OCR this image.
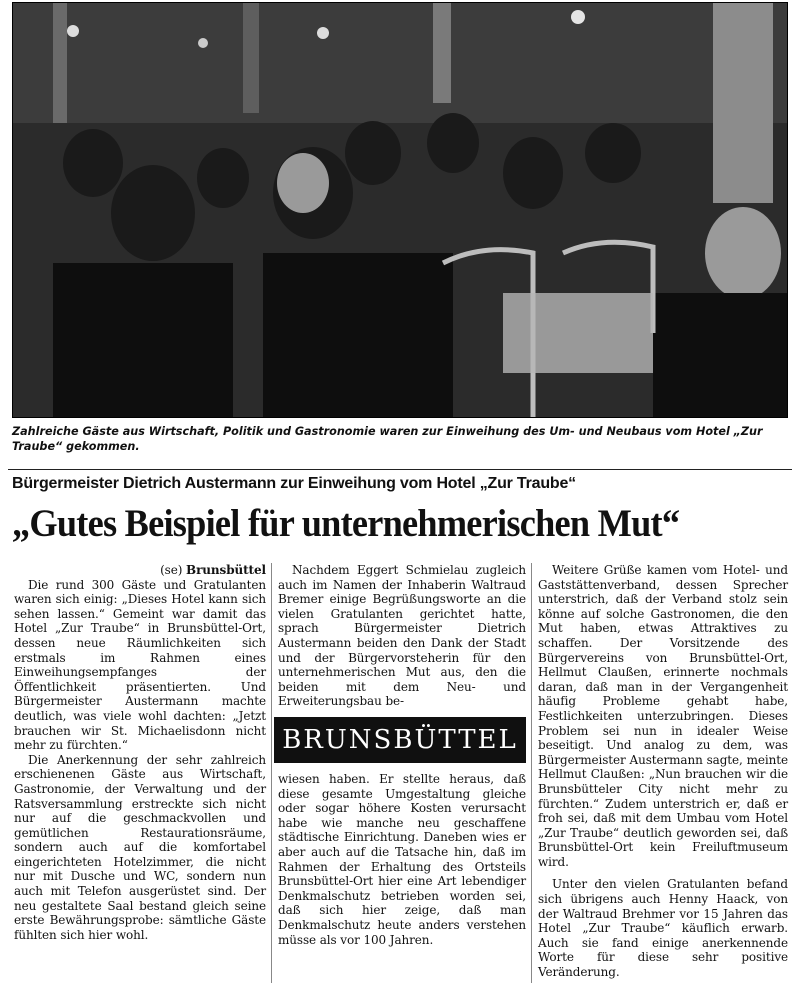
Zahlreiche Gäste aus Wirtschaft, Politik und Gastronomie waren zur Einweihung des Um- und Neubaus vom Hotel „Zur Traube“ gekommen.
Bürgermeister Dietrich Austermann zur Einweihung vom Hotel „Zur Traube“
„Gutes Beispiel für unternehmerischen Mut“

(se) Brunsbüttel

Die rund 300 Gäste und Gratulanten waren sich einig: „Dieses Hotel kann sich sehen lassen.“ Gemeint war damit das Hotel „Zur Traube“ in Brunsbüttel-Ort, dessen neue Räumlichkeiten sich erstmals im Rahmen eines Einweihungsempfanges der Öffentlichkeit präsentierten. Und Bürgermeister Austermann machte deutlich, was viele wohl dachten: „Jetzt brauchen wir St. Michaelisdonn nicht mehr zu fürchten.“

Die Anerkennung der sehr zahlreich erschienenen Gäste aus Wirtschaft, Gastronomie, der Verwaltung und der Ratsversammlung erstreckte sich nicht nur auf die geschmackvollen und gemütlichen Restaurationsräume, sondern auch auf die komfortabel eingerichteten Hotelzimmer, die nicht nur mit Dusche und WC, sondern nun auch mit Telefon ausgerüstet sind. Der neu gestaltete Saal bestand gleich seine erste Bewährungsprobe: sämtliche Gäste fühlten sich hier wohl.

Nachdem Eggert Schmielau zugleich auch im Namen der Inhaberin Waltraud Bremer einige Begrüßungsworte an die vielen Gratulanten gerichtet hatte, sprach Bürgermeister Dietrich Austermann beiden den Dank der Stadt und der Bürgervorsteherin für den unternehmerischen Mut aus, den die beiden mit dem Neu- und Erweiterungsbau be-

BRUNSBÜTTEL

wiesen haben. Er stellte heraus, daß diese gesamte Umgestaltung gleiche oder sogar höhere Kosten verursacht habe wie manche neu geschaffene städtische Einrichtung. Daneben wies er aber auch auf die Tatsache hin, daß im Rahmen der Erhaltung des Ortsteils Brunsbüttel-Ort hier eine Art lebendiger Denkmalschutz betrieben worden sei, daß sich hier zeige, daß man Denkmalschutz heute anders verstehen müsse als vor 100 Jahren.

Weitere Grüße kamen vom Hotel- und Gaststättenverband, dessen Sprecher unterstrich, daß der Verband stolz sein könne auf solche Gastronomen, die den Mut haben, etwas Attraktives zu schaffen. Der Vorsitzende des Bürgervereins von Brunsbüttel-Ort, Hellmut Claußen, erinnerte nochmals daran, daß man in der Vergangenheit häufig Probleme gehabt habe, Festlichkeiten unterzubringen. Dieses Problem sei nun in idealer Weise beseitigt. Und analog zu dem, was Bürgermeister Austermann sagte, meinte Hellmut Claußen: „Nun brauchen wir die Brunsbütteler City nicht mehr zu fürchten.“ Zudem unterstrich er, daß er froh sei, daß mit dem Umbau vom Hotel „Zur Traube“ deutlich geworden sei, daß Brunsbüttel-Ort kein Freiluftmuseum wird.

Unter den vielen Gratulanten befand sich übrigens auch Henny Haack, von der Waltraud Brehmer vor 15 Jahren das Hotel „Zur Traube“ käuflich erwarb. Auch sie fand einige anerkennende Worte für diese sehr positive Veränderung.
